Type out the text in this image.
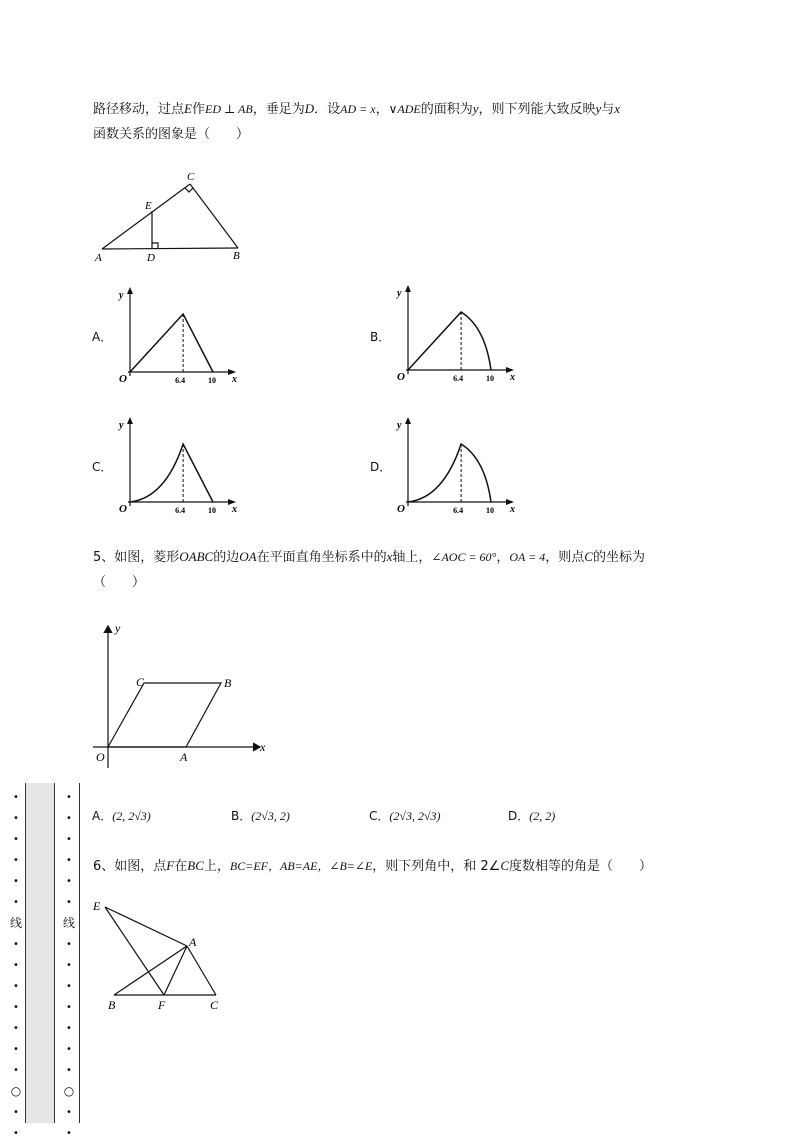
路径移动，过点E作ED ⊥ AB，垂足为D．设AD = x，∨ADE的面积为y，则下列能大致反映y与x
函数关系的图象是（　　）
C
E
A	D	B
A．	B．
C．	D．
y
O	6.4	10 x
y
O	6.4	10 x
y
O	6.4	10 x
y
O	6.4	10 x
5、如图，菱形OABC的边OA在平面直角坐标系中的x轴上，∠AOC = 60°，OA = 4，则点C的坐标为
（　　）
y
x
O	A
B
C
A．(2, 2√3)	B．(2√3, 2)	C．(2√3, 2√3)	D．(2, 2)
6、如图，点F在BC上，BC=EF，AB=AE，∠B=∠E，则下列角中，和 2∠C度数相等的角是（　　）
E
A
B	F	C
•
•
•
•
•
•
线
•
•
•
•
•
•
•
○
•
•
•
•
•
•
•
•
线
•
•
•
•
•
•
•
○
•
•
